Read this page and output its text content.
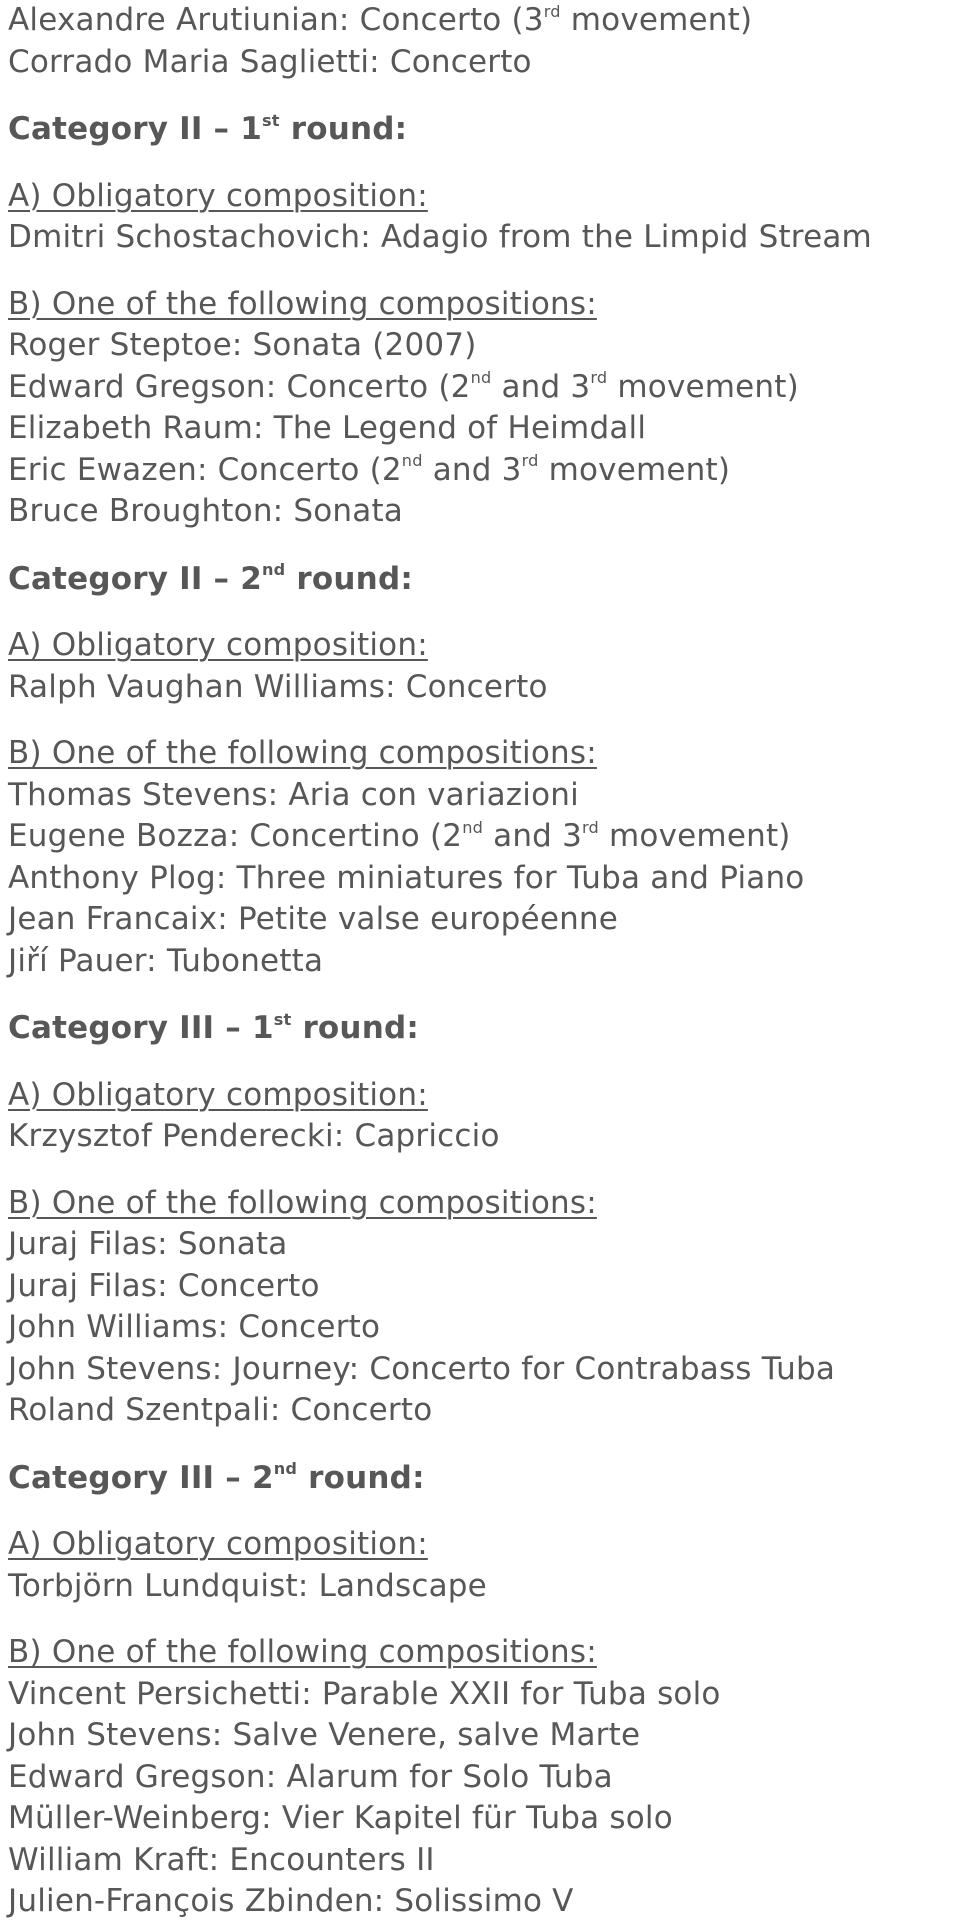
Alexandre Arutiunian: Concerto (3rd movement)
Corrado Maria Saglietti: Concerto
Category II – 1st round:
A) Obligatory composition:
Dmitri Schostachovich: Adagio from the Limpid Stream
B) One of the following compositions:
Roger Steptoe: Sonata (2007)
Edward Gregson: Concerto (2nd and 3rd movement)
Elizabeth Raum: The Legend of Heimdall
Eric Ewazen: Concerto (2nd and 3rd movement)
Bruce Broughton: Sonata
Category II – 2nd round:
A) Obligatory composition:
Ralph Vaughan Williams: Concerto
B) One of the following compositions:
Thomas Stevens: Aria con variazioni
Eugene Bozza: Concertino (2nd and 3rd movement)
Anthony Plog: Three miniatures for Tuba and Piano
Jean Francaix: Petite valse européenne
Jiří Pauer: Tubonetta
Category III – 1st round:
A) Obligatory composition:
Krzysztof Penderecki: Capriccio
B) One of the following compositions:
Juraj Filas: Sonata
Juraj Filas: Concerto
John Williams: Concerto
John Stevens: Journey: Concerto for Contrabass Tuba
Roland Szentpali: Concerto
Category III – 2nd round:
A) Obligatory composition:
Torbjörn Lundquist: Landscape
B) One of the following compositions:
Vincent Persichetti: Parable XXII for Tuba solo
John Stevens: Salve Venere, salve Marte
Edward Gregson: Alarum for Solo Tuba
Müller-Weinberg: Vier Kapitel für Tuba solo
William Kraft: Encounters II
Julien-François Zbinden: Solissimo V
